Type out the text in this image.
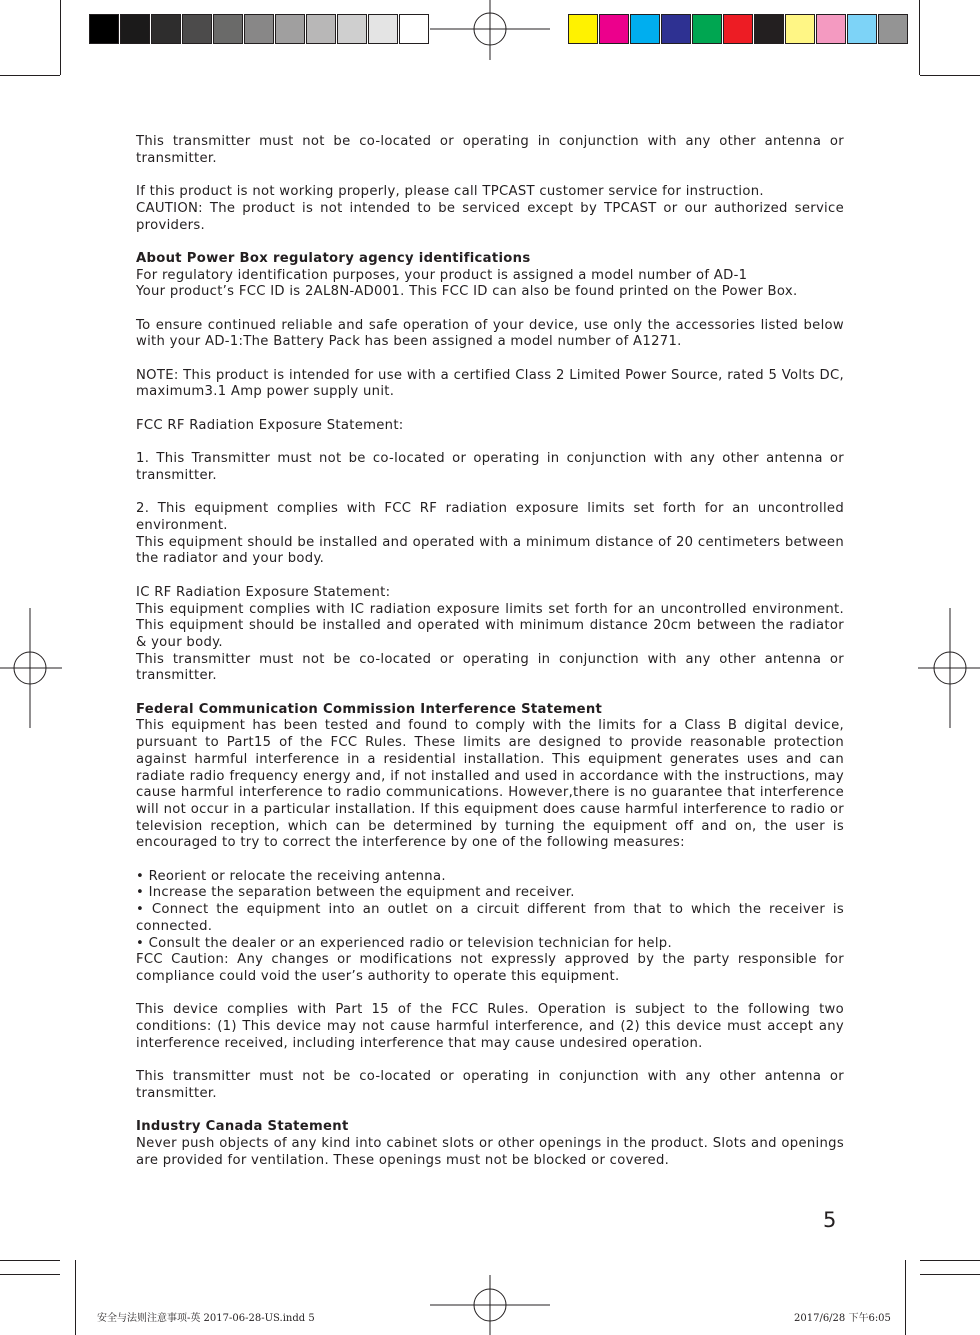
This transmitter must not be co-located or operating in conjunction with any other antenna or transmitter.

If this product is not working properly, please call TPCAST customer service for instruction.

CAUTION: The product is not intended to be serviced except by TPCAST or our authorized service providers.

About Power Box regulatory agency identifications

For regulatory identification purposes, your product is assigned a model number of AD-1

Your product’s FCC ID is 2AL8N-AD001. This FCC ID can also be found printed on the Power Box.

To ensure continued reliable and safe operation of your device, use only the accessories listed below with your AD-1:The Battery Pack has been assigned a model number of A1271.

NOTE: This product is intended for use with a certified Class 2 Limited Power Source, rated 5 Volts DC, maximum3.1 Amp power supply unit.

FCC RF Radiation Exposure Statement:

1. This Transmitter must not be co-located or operating in conjunction with any other antenna or transmitter.

2. This equipment complies with FCC RF radiation exposure limits set forth for an uncontrolled environment.

This equipment should be installed and operated with a minimum distance of 20 centimeters between the radiator and your body.

IC RF Radiation Exposure Statement:

This equipment complies with IC radiation exposure limits set forth for an uncontrolled environment. This equipment should be installed and operated with minimum distance 20cm between the radiator & your body.

This transmitter must not be co-located or operating in conjunction with any other antenna or transmitter.

Federal Communication Commission Interference Statement

This equipment has been tested and found to comply with the limits for a Class B digital device, pursuant to Part15 of the FCC Rules. These limits are designed to provide reasonable protection against harmful interference in a residential installation. This equipment generates uses and can radiate radio frequency energy and, if not installed and used in accordance with the instructions, may cause harmful interference to radio communications. However,there is no guarantee that interference will not occur in a particular installation. If this equipment does cause harmful interference to radio or television reception, which can be determined by turning the equipment off and on, the user is encouraged to try to correct the interference by one of the following measures:

• Reorient or relocate the receiving antenna.

• Increase the separation between the equipment and receiver.

• Connect the equipment into an outlet on a circuit different from that to which the receiver is connected.

• Consult the dealer or an experienced radio or television technician for help.

FCC Caution: Any changes or modifications not expressly approved by the party responsible for compliance could void the user’s authority to operate this equipment.

This device complies with Part 15 of the FCC Rules. Operation is subject to the following two conditions: (1) This device may not cause harmful interference, and (2) this device must accept any interference received, including interference that may cause undesired operation.

This transmitter must not be co-located or operating in conjunction with any other antenna or transmitter.

Industry Canada Statement

Never push objects of any kind into cabinet slots or other openings in the product. Slots and openings are provided for ventilation. These openings must not be blocked or covered.

5
安全与法则注意事项-英 2017-06-28-US.indd 5	2017/6/28 下午6:05
